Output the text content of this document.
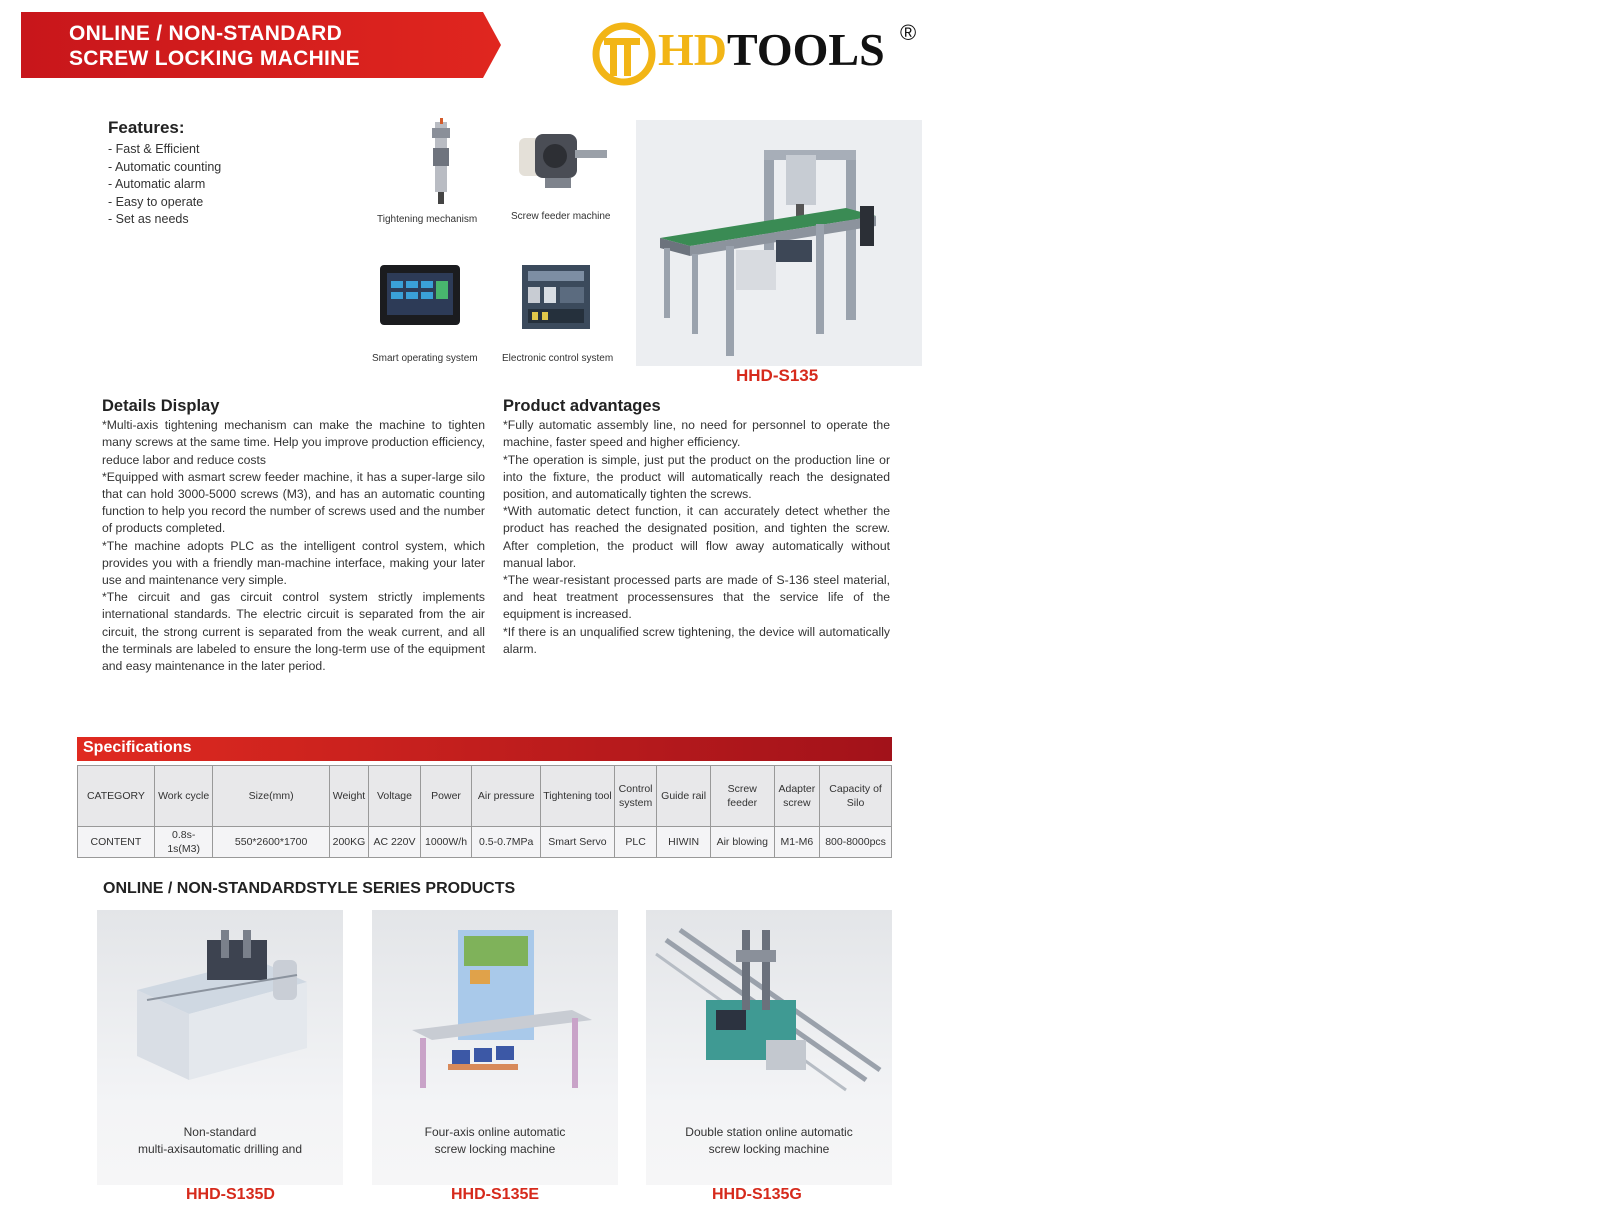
ONLINE / NON-STANDARD
SCREW LOCKING MACHINE	HDTOOLS ®
Features:
- Fast & Efficient
- Automatic counting
- Automatic alarm
- Easy to operate
- Set as needs	Tightening mechanism	Screw feeder machine
Smart operating system Electronic control system
HHD-S135
Details Display

*Multi-axis tightening mechanism can make the machine to tighten many screws at the same time. Help you improve production efficiency, reduce labor and reduce costs

*Equipped with asmart screw feeder machine, it has a super-large silo that can hold 3000-5000 screws (M3), and has an automatic counting function to help you record the number of screws used and the number of products completed.

*The machine adopts PLC as the intelligent control system, which provides you with a friendly man-machine interface, making your later use and maintenance very simple.

*The circuit and gas circuit control system strictly implements international standards. The electric circuit is separated from the air circuit, the strong current is separated from the weak current, and all the terminals are labeled to ensure the long-term use of the equipment and easy maintenance in the later period.

Product advantages

*Fully automatic assembly line, no need for personnel to operate the machine, faster speed and higher efficiency.

*The operation is simple, just put the product on the production line or into the fixture, the product will automatically reach the designated position, and automatically tighten the screws.

*With automatic detect function, it can accurately detect whether the product has reached the designated position, and tighten the screw. After completion, the product will flow away automatically without manual labor.

*The wear-resistant processed parts are made of S-136 steel material, and heat treatment processensures that the service life of the equipment is increased.

*If there is an unqualified screw tightening, the device will automatically alarm.

Specifications
CATEGORY	Work cycle	Size(mm)	Weight	Voltage	Power	Air pressure	Tightening tool	Control system	Guide rail	Screw feeder	Adapter screw	Capacity of Silo
CONTENT	0.8s-1s(M3)	550*2600*1700	200KG	AC 220V	1000W/h	0.5-0.7MPa	Smart Servo	PLC	HIWIN	Air blowing	M1-M6	800-8000pcs
ONLINE / NON-STANDARDSTYLE SERIES PRODUCTS
Non-standard
multi-axisautomatic drilling and
Four-axis online automatic
screw locking machine
Double station online automatic
screw locking machine
HHD-S135D	HHD-S135E	HHD-S135G
